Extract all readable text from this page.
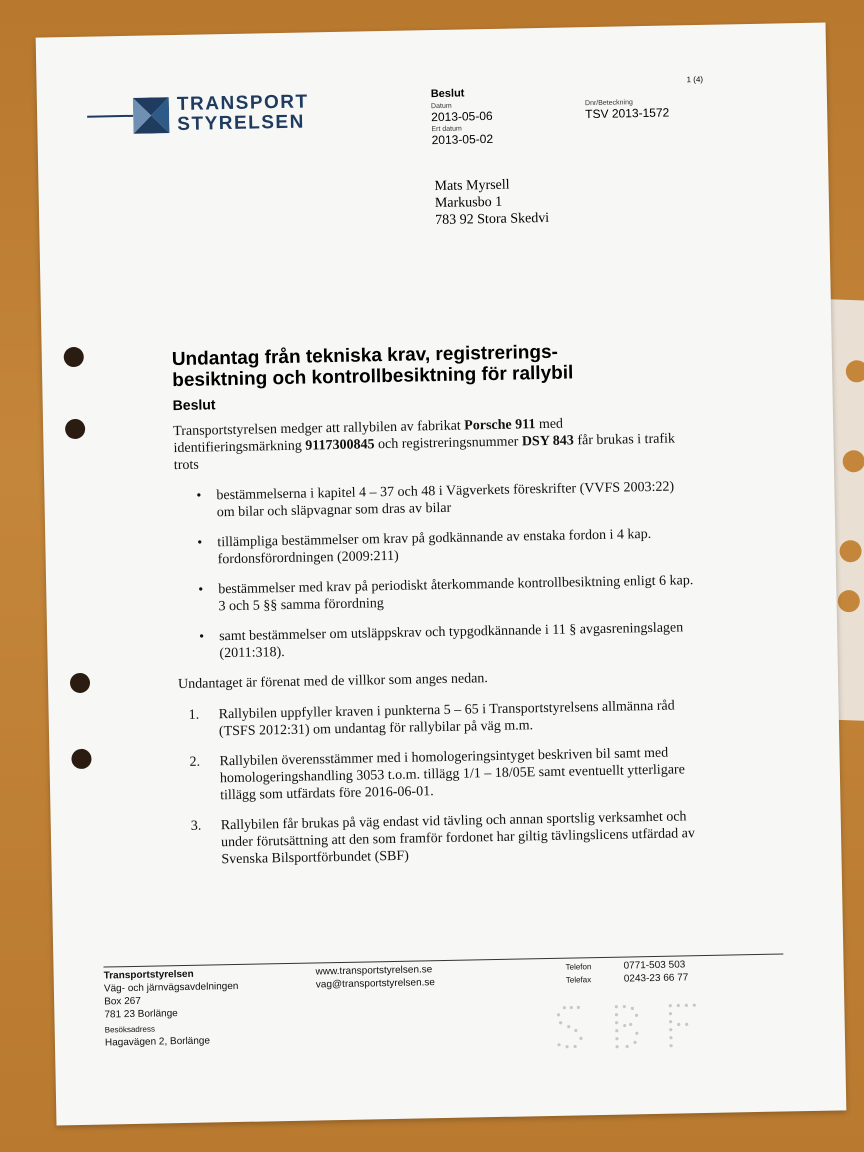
TRANSPORT
STYRELSEN
1 (4)
Beslut
Datum
2013-05-06
Ert datum
2013-05-02
Dnr/Beteckning
TSV 2013-1572
Mats Myrsell
Markusbo 1
783 92 Stora Skedvi
Undantag från tekniska krav, registrerings-besiktning och kontrollbesiktning för rallybil
Beslut

Transportstyrelsen medger att rallybilen av fabrikat Porsche 911 med identifieringsmärkning 9117300845 och registreringsnummer DSY 843 får brukas i trafik trots

• bestämmelserna i kapitel 4 – 37 och 48 i Vägverkets föreskrifter (VVFS 2003:22) om bilar och släpvagnar som dras av bilar
• tillämpliga bestämmelser om krav på godkännande av enstaka fordon i 4 kap. fordonsförordningen (2009:211)
• bestämmelser med krav på periodiskt återkommande kontrollbesiktning enligt 6 kap. 3 och 5 §§ samma förordning
• samt bestämmelser om utsläppskrav och typgodkännande i 11 § avgasreningslagen (2011:318).

Undantaget är förenat med de villkor som anges nedan.

1. Rallybilen uppfyller kraven i punkterna 5 – 65 i Transportstyrelsens allmänna råd (TSFS 2012:31) om undantag för rallybilar på väg m.m.
2. Rallybilen överensstämmer med i homologeringsintyget beskriven bil samt med homologeringshandling 3053 t.o.m. tillägg 1/1 – 18/05E samt eventuellt ytterligare tillägg som utfärdats före 2016-06-01.
3. Rallybilen får brukas på väg endast vid tävling och annan sportslig verksamhet och under förutsättning att den som framför fordonet har giltig tävlingslicens utfärdad av Svenska Bilsportförbundet (SBF)
Transportstyrelsen
Väg- och järnvägsavdelningen
Box 267
781 23 Borlänge
Besöksadress
Hagavägen 2, Borlänge
www.transportstyrelsen.se
vag@transportstyrelsen.se
Telefon	0771-503 503
Telefax	0243-23 66 77
